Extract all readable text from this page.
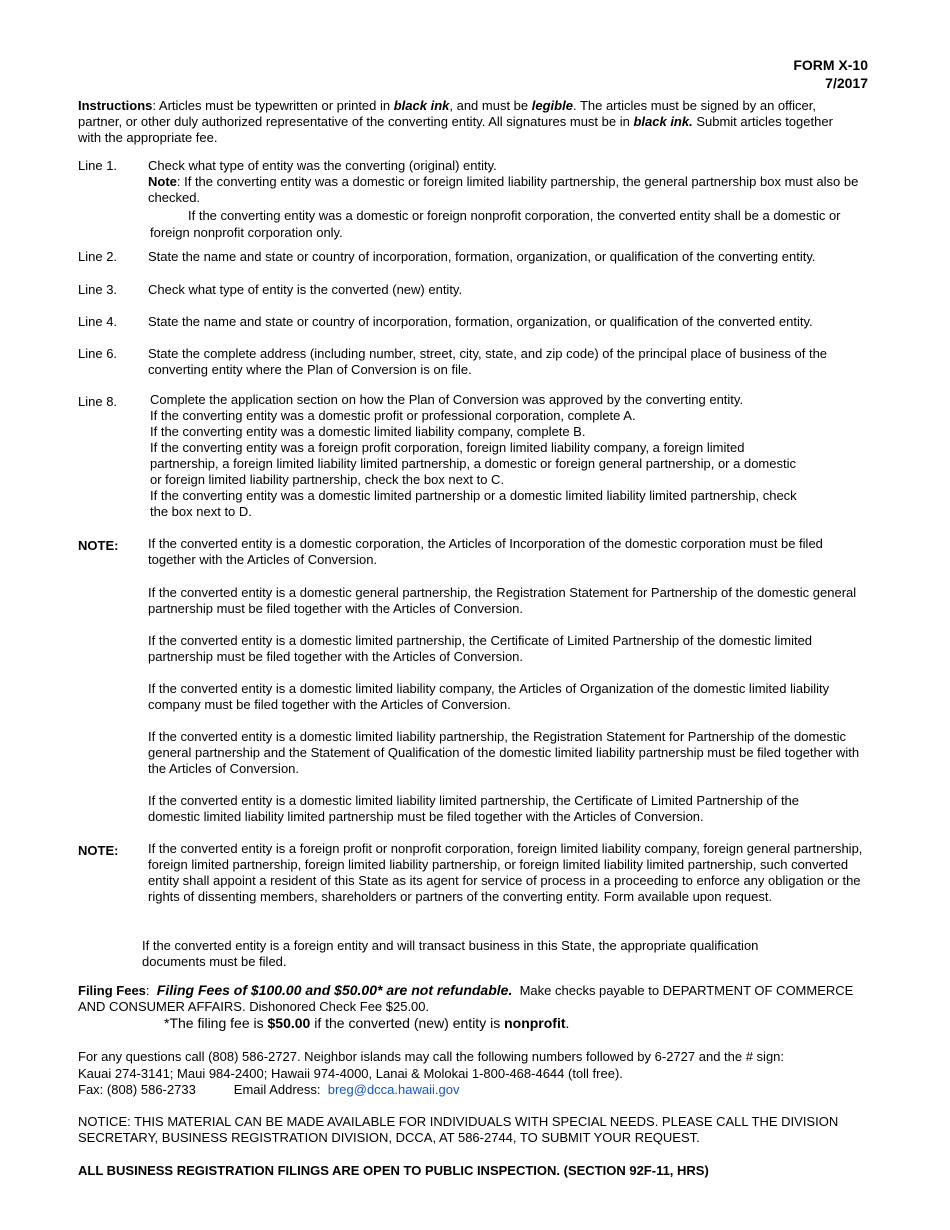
FORM X-10
7/2017
Instructions: Articles must be typewritten or printed in black ink, and must be legible. The articles must be signed by an officer, partner, or other duly authorized representative of the converting entity. All signatures must be in black ink. Submit articles together with the appropriate fee.
Line 1. Check what type of entity was the converting (original) entity.
Note: If the converting entity was a domestic or foreign limited liability partnership, the general partnership box must also be checked.
If the converting entity was a domestic or foreign nonprofit corporation, the converted entity shall be a domestic or
foreign nonprofit corporation only.
Line 2. State the name and state or country of incorporation, formation, organization, or qualification of the converting entity.
Line 3. Check what type of entity is the converted (new) entity.
Line 4. State the name and state or country of incorporation, formation, organization, or qualification of the converted entity.
Line 6. State the complete address (including number, street, city, state, and zip code) of the principal place of business of the converting entity where the Plan of Conversion is on file.
Line 8.	Complete the application section on how the Plan of Conversion was approved by the converting entity.

If the converting entity was a domestic profit or professional corporation, complete A.

If the converting entity was a domestic limited liability company, complete B.

If the converting entity was a foreign profit corporation, foreign limited liability company, a foreign limited partnership, a foreign limited liability limited partnership, a domestic or foreign general partnership, or a domestic or foreign limited liability partnership, check the box next to C.

If the converting entity was a domestic limited partnership or a domestic limited liability limited partnership, check the box next to D.

NOTE: If the converted entity is a domestic corporation, the Articles of Incorporation of the domestic corporation must be filed together with the Articles of Conversion.
If the converted entity is a domestic general partnership, the Registration Statement for Partnership of the domestic general partnership must be filed together with the Articles of Conversion.
If the converted entity is a domestic limited partnership, the Certificate of Limited Partnership of the domestic limited partnership must be filed together with the Articles of Conversion.
If the converted entity is a domestic limited liability company, the Articles of Organization of the domestic limited liability company must be filed together with the Articles of Conversion.
If the converted entity is a domestic limited liability partnership, the Registration Statement for Partnership of the domestic general partnership and the Statement of Qualification of the domestic limited liability partnership must be filed together with the Articles of Conversion.
If the converted entity is a domestic limited liability limited partnership, the Certificate of Limited Partnership of the domestic limited liability limited partnership must be filed together with the Articles of Conversion.
NOTE: If the converted entity is a foreign profit or nonprofit corporation, foreign limited liability company, foreign general partnership, foreign limited partnership, foreign limited liability partnership, or foreign limited liability limited partnership, such converted entity shall appoint a resident of this State as its agent for service of process in a proceeding to enforce any obligation or the rights of dissenting members, shareholders or partners of the converting entity. Form available upon request.
If the converted entity is a foreign entity and will transact business in this State, the appropriate qualification documents must be filed.
Filing Fees: Filing Fees of $100.00 and $50.00* are not refundable. Make checks payable to DEPARTMENT OF COMMERCE AND CONSUMER AFFAIRS. Dishonored Check Fee $25.00.
*The filing fee is $50.00 if the converted (new) entity is nonprofit.
For any questions call (808) 586-2727. Neighbor islands may call the following numbers followed by 6-2727 and the # sign:
Kauai 274-3141; Maui 984-2400; Hawaii 974-4000, Lanai & Molokai 1-800-468-4644 (toll free).
Fax: (808) 586-2733	Email Address: breg@dcca.hawaii.gov
NOTICE: THIS MATERIAL CAN BE MADE AVAILABLE FOR INDIVIDUALS WITH SPECIAL NEEDS. PLEASE CALL THE DIVISION SECRETARY, BUSINESS REGISTRATION DIVISION, DCCA, AT 586-2744, TO SUBMIT YOUR REQUEST.
ALL BUSINESS REGISTRATION FILINGS ARE OPEN TO PUBLIC INSPECTION. (SECTION 92F-11, HRS)
